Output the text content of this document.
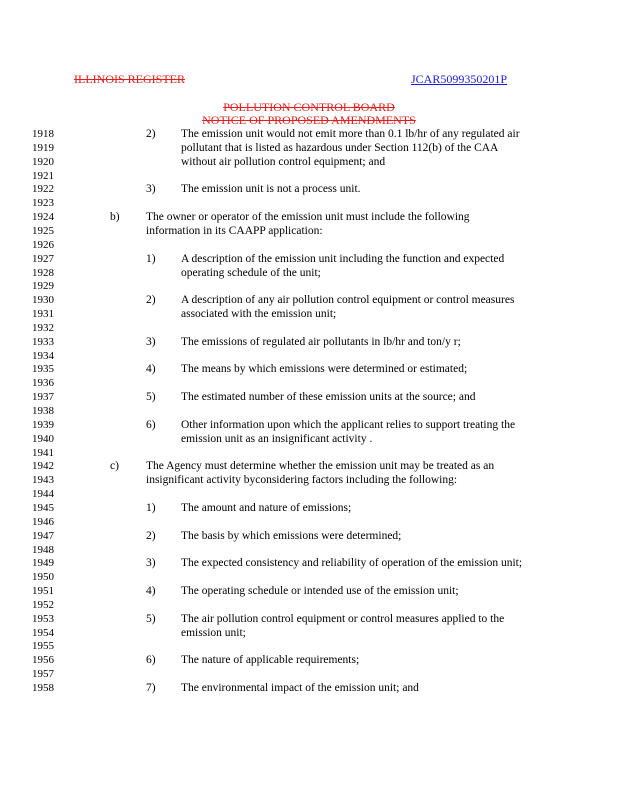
ILLINOIS REGISTER	JCAR5099350201P
POLLUTION CONTROL BOARD
NOTICE OF PROPOSED AMENDMENTS
1918
1919
1920
1921
1922
1923
1924
1925
1926
1927
1928
1929
1930
1931
1932
1933
1934
1935
1936
1937
1938
1939
1940
1941
1942
1943
1944
1945
1946
1947
1948
1949
1950
1951
1952
1953
1954
1955
1956
1957
1958
2) The emission unit would not emit more than 0.1 lb/hr of any regulated air
pollutant that is listed as hazardous under Section 112(b) of the CAA
without air pollution control equipment; and
3) The emission unit is not a process unit.
b) The owner or operator of the emission unit must include the following
information in its CAAPP application:
1) A description of the emission unit including the function and expected
operating schedule of the unit;
2) A description of any air pollution control equipment or control measures
associated with the emission unit;
3) The emissions of regulated air pollutants in lb/hr and ton/y r;
4) The means by which emissions were determined or estimated;
5) The estimated number of these emission units at the source; and
6) Other information upon which the applicant relies to support treating the
emission unit as an insignificant activity .
c) The Agency must determine whether the emission unit may be treated as an
insignificant activity byconsidering factors including the following:
1) The amount and nature of emissions;
2) The basis by which emissions were determined;
3) The expected consistency and reliability of operation of the emission unit;
4) The operating schedule or intended use of the emission unit;
5) The air pollution control equipment or control measures applied to the
emission unit;
6) The nature of applicable requirements;
7) The environmental impact of the emission unit; and
